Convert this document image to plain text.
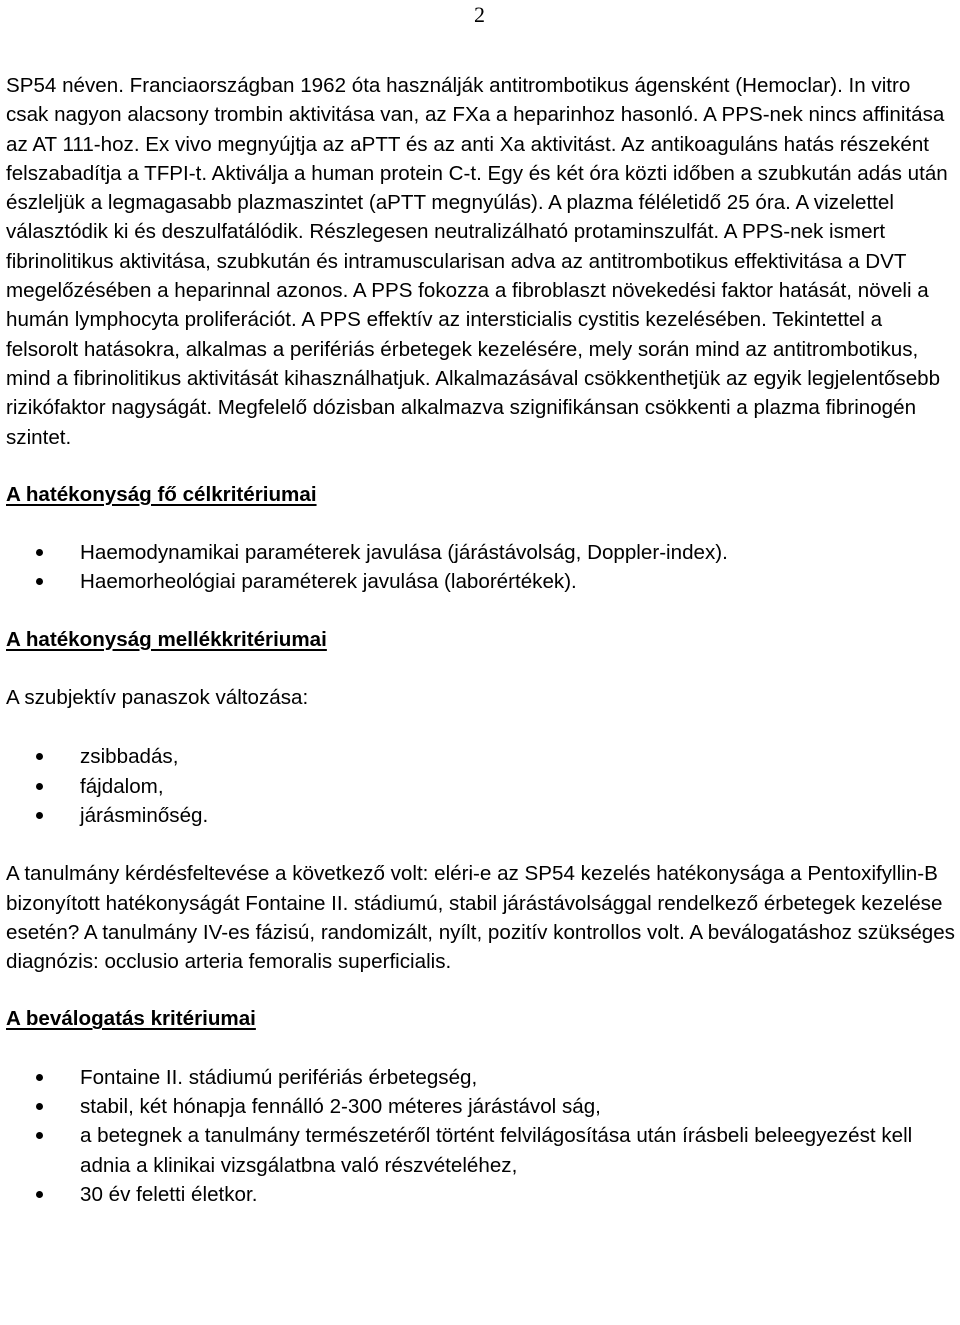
2

SP54 néven. Franciaországban 1962 óta használják antitrombotikus ágensként (Hemoclar). In vitro csak nagyon alacsony trombin aktivitása van, az FXa a heparinhoz hasonló. A PPS-nek nincs affinitása az AT 111-hoz. Ex vivo megnyújtja az aPTT és az anti Xa aktivitást. Az antikoaguláns hatás részeként felszabadítja a TFPI-t. Aktiválja a human protein C-t. Egy és két óra közti időben a szubkután adás után észleljük a legmagasabb plazmaszintet (aPTT megnyúlás). A plazma féléletidő 25 óra. A vizelettel választódik ki és deszulfatálódik. Részlegesen neutralizálható protaminszulfát. A PPS-nek ismert fibrinolitikus aktivitása, szubkután és intramuscularisan adva az antitrombotikus effektivitása a DVT megelőzésében a heparinnal azonos. A PPS fokozza a fibroblaszt növekedési faktor hatását, növeli a humán lymphocyta proliferációt. A PPS effektív az intersticialis cystitis kezelésében. Tekintettel a felsorolt hatásokra, alkalmas a perifériás érbetegek kezelésére, mely során mind az antitrombotikus, mind a fibrinolitikus aktivitását kihasználhatjuk. Alkalmazásával csökkenthetjük az egyik legjelentősebb rizikófaktor nagyságát. Megfelelő dózisban alkalmazva szignifikánsan csökkenti a plazma fibrinogén szintet.

A hatékonyság fő célkritériumai

Haemodynamikai paraméterek javulása (járástávolság, Doppler-index).
Haemorheológiai paraméterek javulása (laborértékek).

A hatékonyság mellékkritériumai

A szubjektív panaszok változása:

zsibbadás,
fájdalom,
járásminőség.

A tanulmány kérdésfeltevése a következő volt: eléri-e az SP54 kezelés hatékonysága a Pentoxifyllin-B bizonyított hatékonyságát Fontaine II. stádiumú, stabil járástávolsággal rendelkező érbetegek kezelése esetén? A tanulmány IV-es fázisú, randomizált, nyílt, pozitív kontrollos volt. A beválogatáshoz szükséges diagnózis: occlusio arteria femoralis superficialis.

A beválogatás kritériumai

Fontaine II. stádiumú perifériás érbetegség,
stabil, két hónapja fennálló 2-300 méteres járástávol ság,
a betegnek a tanulmány természetéről történt felvilágosítása után írásbeli beleegyezést kell adnia a klinikai vizsgálatbna való részvételéhez,
30 év feletti életkor.
